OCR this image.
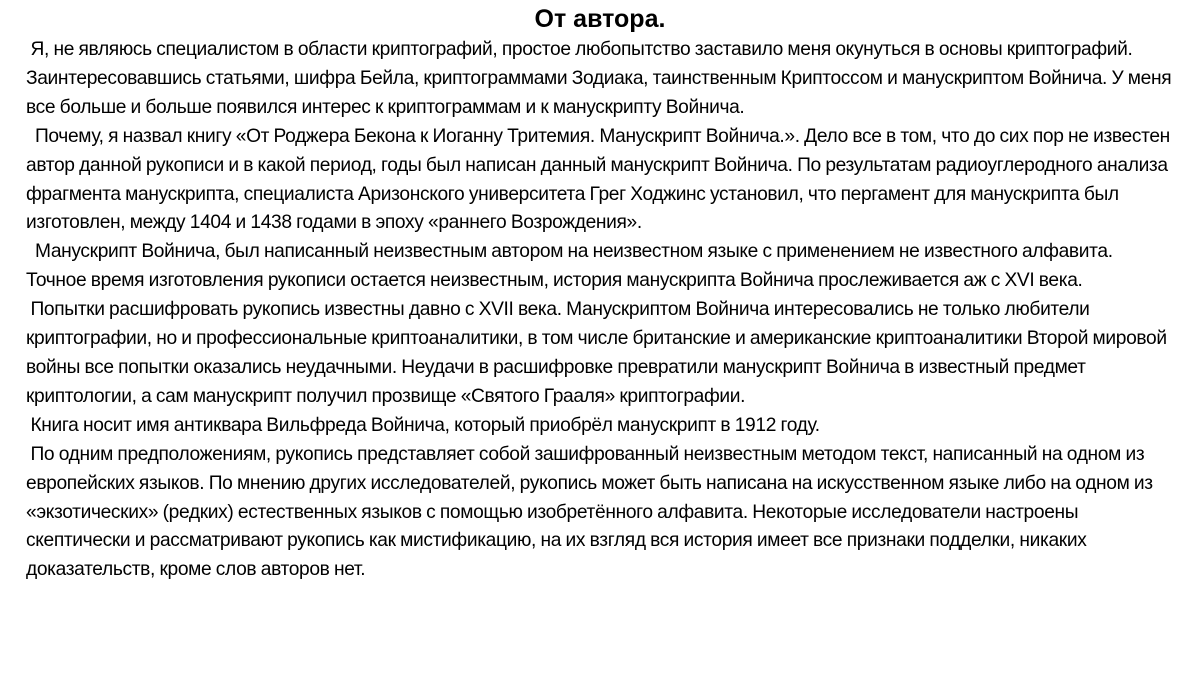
От автора.

Я, не являюсь специалистом в области криптографий, простое любопытство заставило меня окунуться в основы криптографий. Заинтересовавшись статьями, шифра Бейла, криптограммами Зодиака, таинственным Криптоссом и манускриптом Войнича. У меня все больше и больше появился интерес к криптограммам и к манускрипту Войнича.

Почему, я назвал книгу «От Роджера Бекона к Иоганну Тритемия. Манускрипт Войнича.». Дело все в том, что до сих пор не известен автор данной рукописи и в какой период, годы был написан данный манускрипт Войнича. По результатам радиоуглеродного анализа фрагмента манускрипта, специалиста Аризонского университета Грег Ходжинс установил, что пергамент для манускрипта был изготовлен, между 1404 и 1438 годами в эпоху «раннего Возрождения».

Манускрипт Войнича, был написанный неизвестным автором на неизвестном языке с применением не известного алфавита. Точное время изготовления рукописи остается неизвестным, история манускрипта Войнича прослеживается аж с XVI века.

Попытки расшифровать рукопись известны давно с XVII века. Манускриптом Войнича интересовались не только любители криптографии, но и профессиональные криптоаналитики, в том числе британские и американские криптоаналитики Второй мировой войны все попытки оказались неудачными. Неудачи в расшифровке превратили манускрипт Войнича в известный предмет криптологии, а сам манускрипт получил прозвище «Святого Грааля» криптографии.

Книга носит имя антиквара Вильфреда Войнича, который приобрёл манускрипт в 1912 году.

По одним предположениям, рукопись представляет собой зашифрованный неизвестным методом текст, написанный на одном из европейских языков. По мнению других исследователей, рукопись может быть написана на искусственном языке либо на одном из «экзотических» (редких) естественных языков с помощью изобретённого алфавита. Некоторые исследователи настроены скептически и рассматривают рукопись как мистификацию, на их взгляд вся история имеет все признаки подделки, никаких доказательств, кроме слов авторов нет.
